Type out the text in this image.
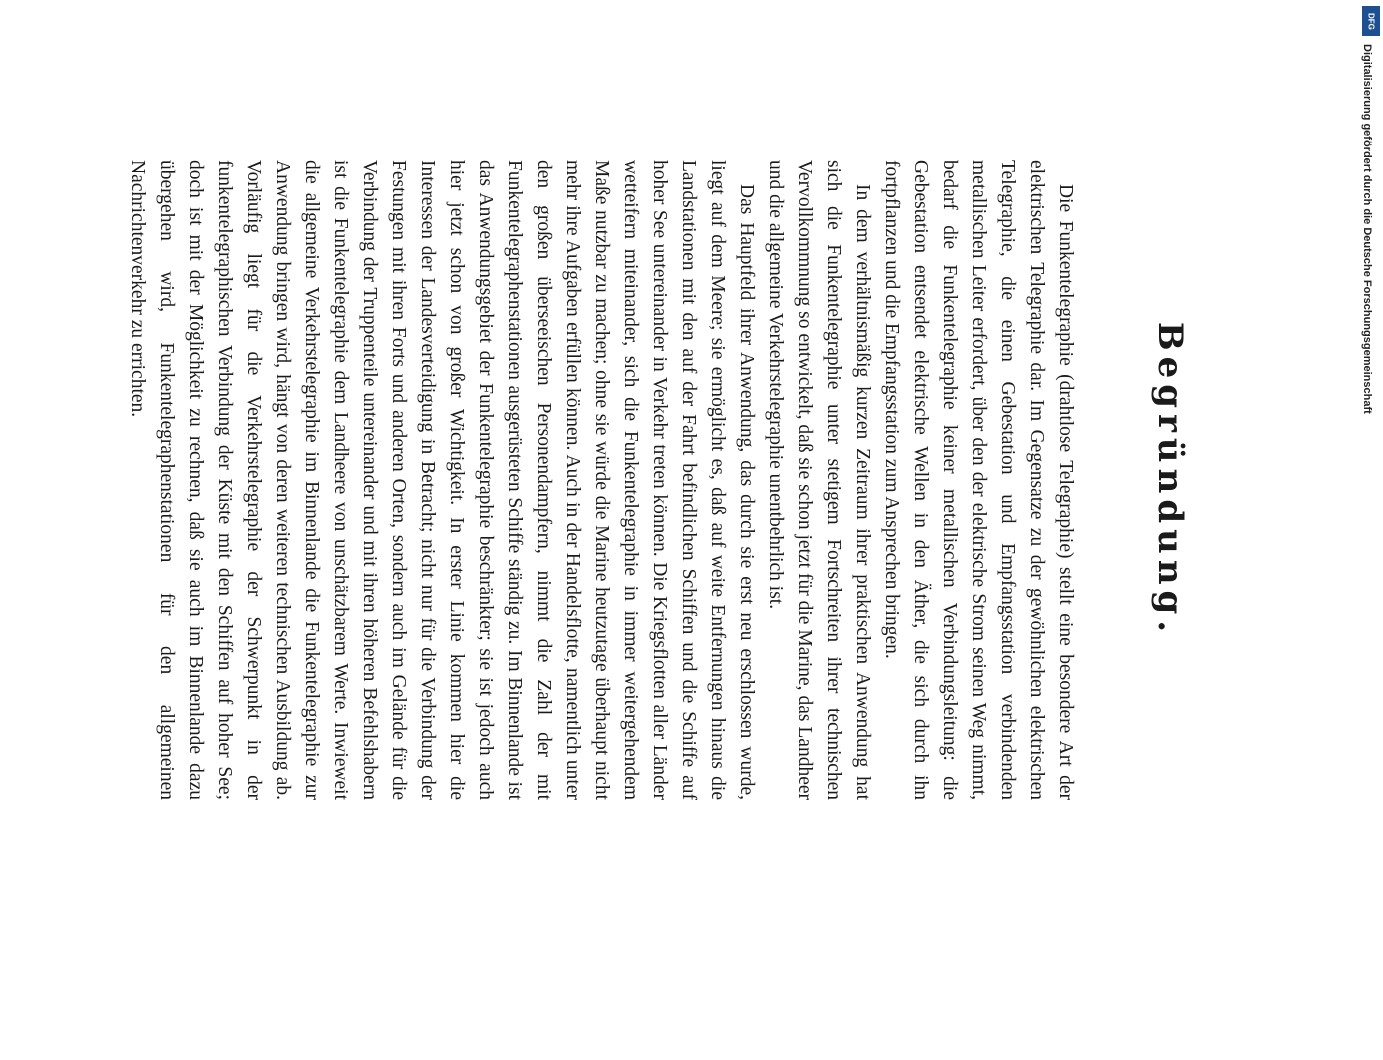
Begründung.

Die Funkentelegraphie (drahtlose Telegraphie) stellt eine besondere Art der elektrischen Telegraphie dar. Im Gegensatze zu der gewöhnlichen elektrischen Telegraphie, die einen Gebestation und Empfangsstation verbindenden metallischen Leiter erfordert, über den der elektrische Strom seinen Weg nimmt, bedarf die Funkentelegraphie keiner metallischen Verbindungsleitung: die Gebestation entsendet elektrische Wellen in den Äther, die sich durch ihn fortpflanzen und die Empfangsstation zum Ansprechen bringen.

In dem verhältnismäßig kurzen Zeitraum ihrer praktischen Anwendung hat sich die Funkentelegraphie unter stetigem Fortschreiten ihrer technischen Vervollkommnung so entwickelt, daß sie schon jetzt für die Marine, das Landheer und die allgemeine Verkehrstelegraphie unentbehrlich ist.

Das Hauptfeld ihrer Anwendung, das durch sie erst neu erschlossen wurde, liegt auf dem Meere; sie ermöglicht es, daß auf weite Entfernungen hinaus die Landstationen mit den auf der Fahrt befindlichen Schiffen und die Schiffe auf hoher See untereinander in Verkehr treten können. Die Kriegsflotten aller Länder wetteifern miteinander, sich die Funkentelegraphie in immer weitergehendem Maße nutzbar zu machen; ohne sie würde die Marine heutzutage überhaupt nicht mehr ihre Aufgaben erfüllen können. Auch in der Handelsflotte, namentlich unter den großen überseeischen Personendampfern, nimmt die Zahl der mit Funkentelegraphenstationen ausgerüsteten Schiffe ständig zu. Im Binnenlande ist das Anwendungsgebiet der Funkentelegraphie beschränkter; sie ist jedoch auch hier jetzt schon von großer Wichtigkeit. In erster Linie kommen hier die Interessen der Landesverteidigung in Betracht; nicht nur für die Verbindung der Festungen mit ihren Forts und anderen Orten, sondern auch im Gelände für die Verbindung der Truppenteile untereinander und mit ihren höheren Befehlshabern ist die Funkentelegraphie dem Landheere von unschätzbarem Werte. Inwieweit die allgemeine Verkehrstelegraphie im Binnenlande die Funkentelegraphie zur Anwendung bringen wird, hängt von deren weiteren technischen Ausbildung ab. Vorläufig liegt für die Verkehrstelegraphie der Schwerpunkt in der funkentelegraphischen Verbindung der Küste mit den Schiffen auf hoher See; doch ist mit der Möglichkeit zu rechnen, daß sie auch im Binnenlande dazu übergehen wird, Funkentelegraphenstationen für den allgemeinen Nachrichtenverkehr zu errichten.

DFG
Digitalisierung gefördert durch die Deutsche Forschungsgemeinschaft
